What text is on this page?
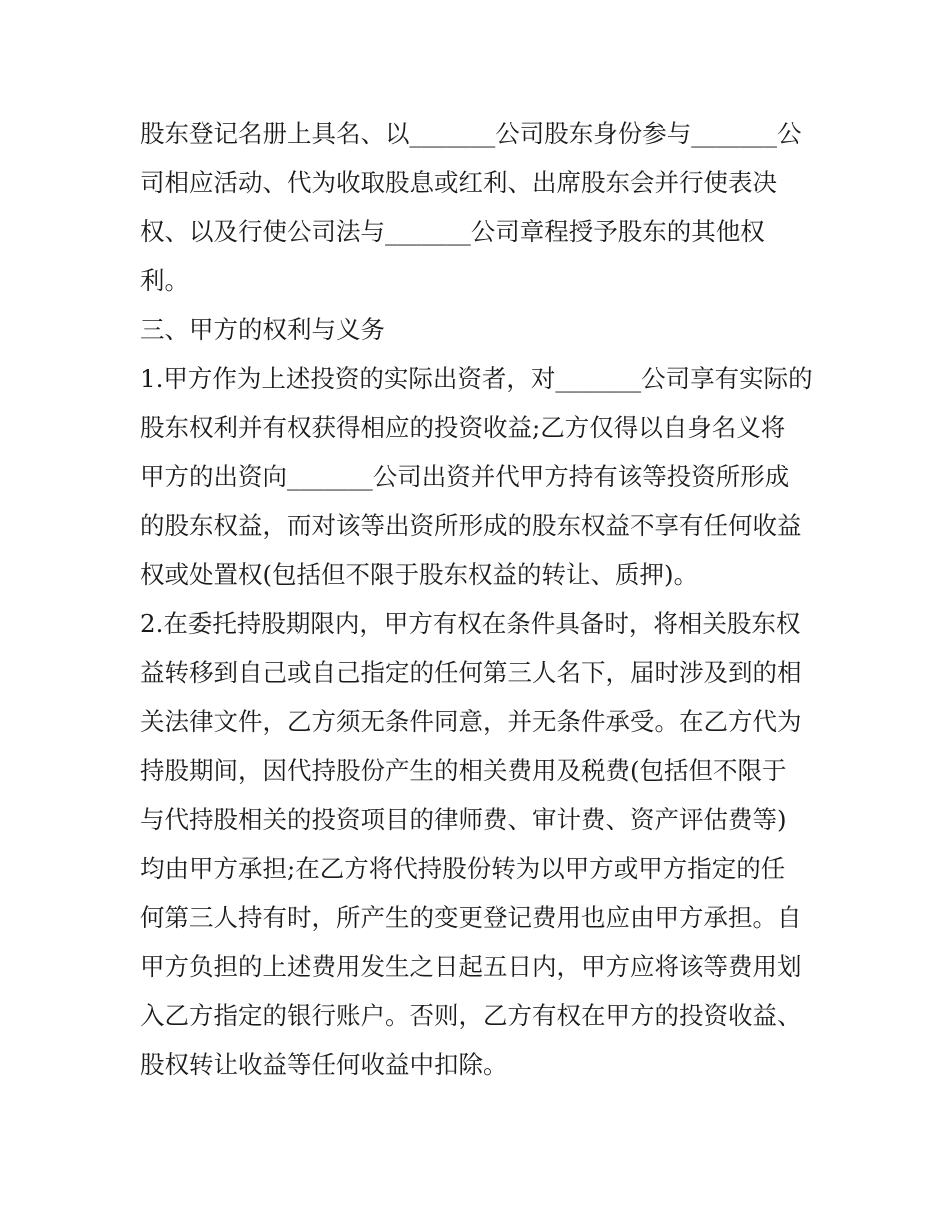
股东登记名册上具名、以_______公司股东身份参与_______公
司相应活动、代为收取股息或红利、出席股东会并行使表决
权、以及行使公司法与_______公司章程授予股东的其他权
利。
三、甲方的权利与义务
1.甲方作为上述投资的实际出资者，对_______公司享有实际的
股东权利并有权获得相应的投资收益;乙方仅得以自身名义将
甲方的出资向_______公司出资并代甲方持有该等投资所形成
的股东权益，而对该等出资所形成的股东权益不享有任何收益
权或处置权(包括但不限于股东权益的转让、质押)。
2.在委托持股期限内，甲方有权在条件具备时，将相关股东权
益转移到自己或自己指定的任何第三人名下，届时涉及到的相
关法律文件，乙方须无条件同意，并无条件承受。在乙方代为
持股期间，因代持股份产生的相关费用及税费(包括但不限于
与代持股相关的投资项目的律师费、审计费、资产评估费等)
均由甲方承担;在乙方将代持股份转为以甲方或甲方指定的任
何第三人持有时，所产生的变更登记费用也应由甲方承担。自
甲方负担的上述费用发生之日起五日内，甲方应将该等费用划
入乙方指定的银行账户。否则，乙方有权在甲方的投资收益、
股权转让收益等任何收益中扣除。
